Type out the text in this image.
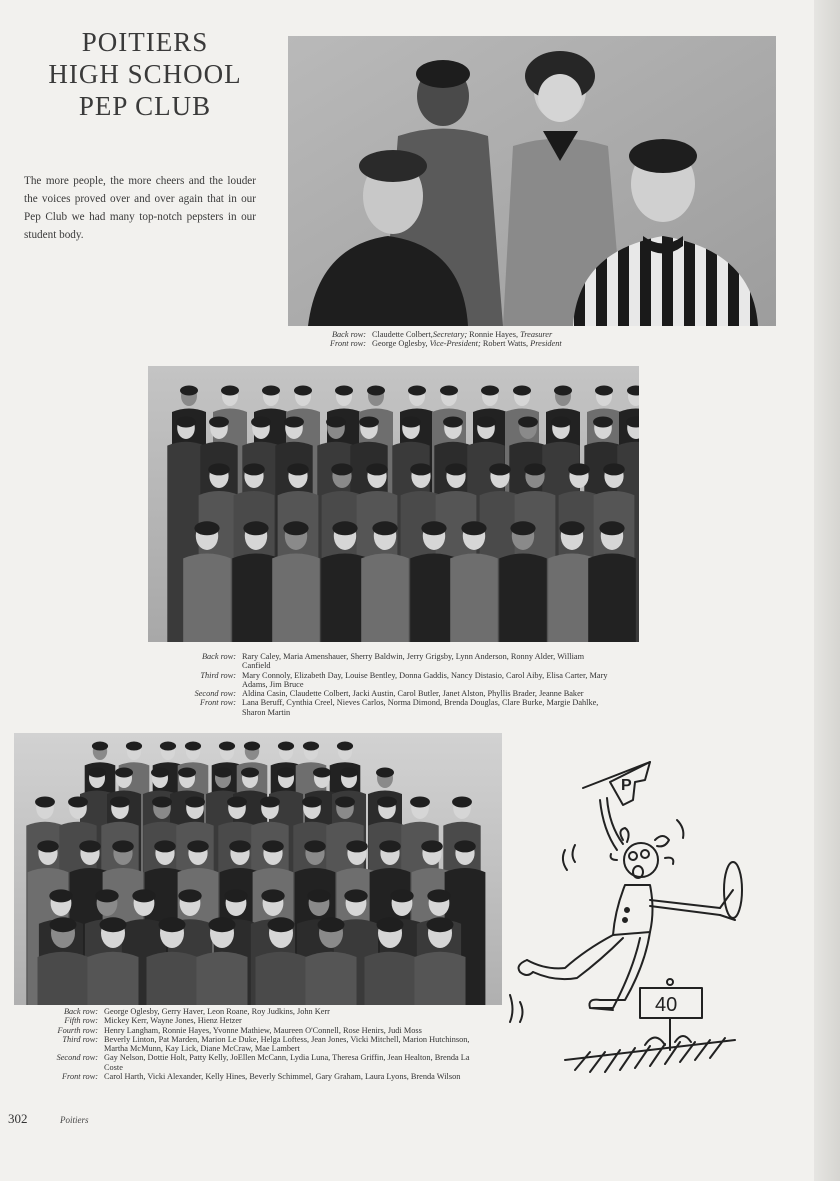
POITIERS
HIGH SCHOOL
PEP CLUB
The more people, the more cheers and the louder the voices proved over and over again that in our Pep Club we had many top-notch pepsters in our student body.
Back row: Claudette Colbert,Secretary; Ronnie Hayes, Treasurer
Front row: George Oglesby, Vice-President; Robert Watts, President
Back row: Rary Caley, Maria Amenshauer, Sherry Baldwin, Jerry Grigsby, Lynn Anderson, Ronny Alder, William Canfield
Third row: Mary Connoly, Elizabeth Day, Louise Bentley, Donna Gaddis, Nancy Distasio, Carol Aiby, Elisa Carter, Mary Adams, Jim Bruce
Second row: Aldina Casin, Claudette Colbert, Jacki Austin, Carol Butler, Janet Alston, Phyllis Brader, Jeanne Baker
Front row: Lana Beruff, Cynthia Creel, Nieves Carlos, Norma Dimond, Brenda Douglas, Clare Burke, Margie Dahlke, Sharon Martin
Back row: George Oglesby, Gerry Haver, Leon Roane, Roy Judkins, John Kerr
Fifth row: Mickey Kerr, Wayne Jones, Hienz Hetzer
Fourth row: Henry Langham, Ronnie Hayes, Yvonne Mathiew, Maureen O'Connell, Rose Henirs, Judi Moss
Third row: Beverly Linton, Pat Marden, Marion Le Duke, Helga Loftess, Jean Jones, Vicki Mitchell, Marion Hutchinson, Martha McMunn, Kay Lick, Diane McCraw, Mae Lambert
Second row: Gay Nelson, Dottie Holt, Patty Kelly, JoEllen McCann, Lydia Luna, Theresa Griffin, Jean Healton, Brenda La Coste
Front row: Carol Harth, Vicki Alexander, Kelly Hines, Beverly Schimmel, Gary Graham, Laura Lyons, Brenda Wilson
P
40
302	Poitiers
